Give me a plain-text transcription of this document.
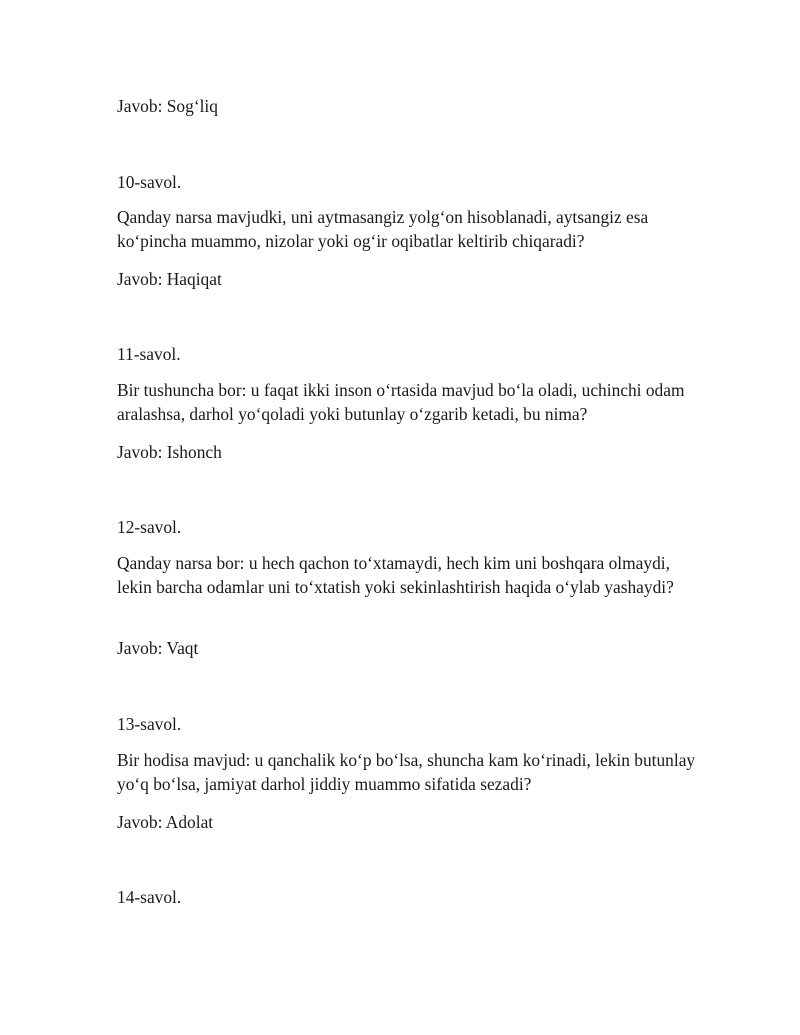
Javob: Sog‘liq

10-savol.

Qanday narsa mavjudki, uni aytmasangiz yolg‘on hisoblanadi, aytsangiz esa ko‘pincha muammo, nizolar yoki og‘ir oqibatlar keltirib chiqaradi?

Javob: Haqiqat

11-savol.

Bir tushuncha bor: u faqat ikki inson o‘rtasida mavjud bo‘la oladi, uchinchi odam aralashsa, darhol yo‘qoladi yoki butunlay o‘zgarib ketadi, bu nima?

Javob: Ishonch

12-savol.

Qanday narsa bor: u hech qachon to‘xtamaydi, hech kim uni boshqara olmaydi, lekin barcha odamlar uni to‘xtatish yoki sekinlashtirish haqida o‘ylab yashaydi?

Javob: Vaqt

13-savol.

Bir hodisa mavjud: u qanchalik ko‘p bo‘lsa, shuncha kam ko‘rinadi, lekin butunlay yo‘q bo‘lsa, jamiyat darhol jiddiy muammo sifatida sezadi?

Javob: Adolat

14-savol.
